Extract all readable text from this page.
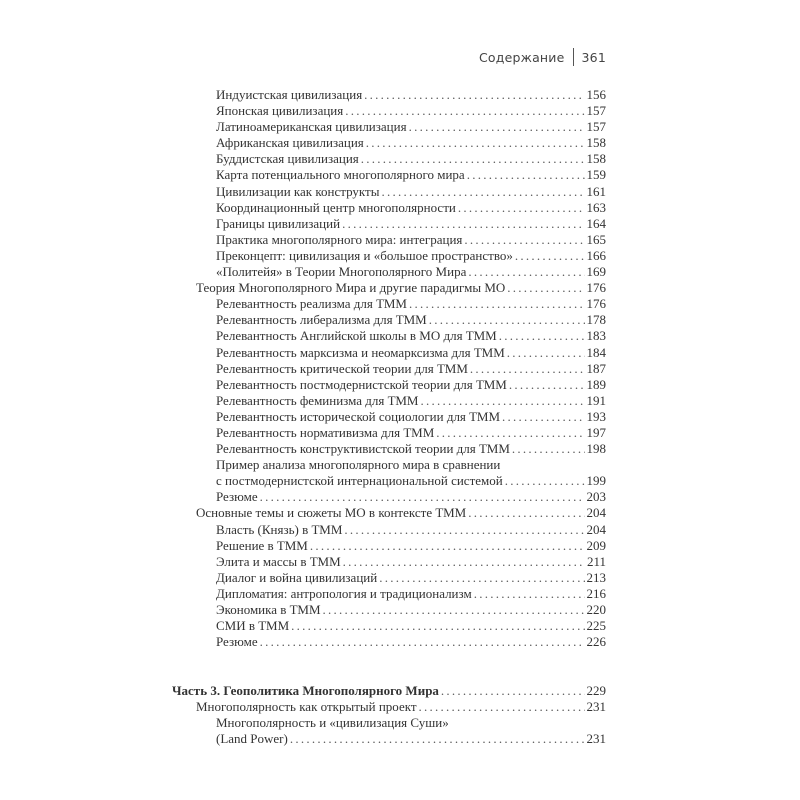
Содержание 361
Индуистская цивилизация . . .	156
Японская цивилизация . . .	157
Латиноамериканская цивилизация . . .	157
Африканская цивилизация . . .	158
Буддистская цивилизация . . .	158
Карта потенциального многополярного мира . . .	159
Цивилизации как конструкты . . .	161
Координационный центр многополярности . . .	163
Границы цивилизаций . . .	164
Практика многополярного мира: интеграция . . .	165
Преконцепт: цивилизация и «большое пространство» . . .	166
«Политейя» в Теории Многополярного Мира . . .	169
Теория Многополярного Мира и другие парадигмы МО . . .	176
Релевантность реализма для ТММ . . .	176
Релевантность либерализма для ТММ . . .	178
Релевантность Английской школы в МО для ТММ . . .	183
Релевантность марксизма и неомарксизма для ТММ . . .	184
Релевантность критической теории для ТММ . . .	187
Релевантность постмодернистской теории для ТММ . . .	189
Релевантность феминизма для ТММ . . .	191
Релевантность исторической социологии для ТММ . . .	193
Релевантность нормативизма для ТММ . . .	197
Релевантность конструктивистской теории для ТММ . . .	198
Пример анализа многополярного мира в сравнении
с постмодернистской интернациональной системой . . .	199
Резюме . . .	203
Основные темы и сюжеты МО в контексте ТММ . . .	204
Власть (Князь) в ТММ . . .	204
Решение в ТММ . . .	209
Элита и массы в ТММ . . .	211
Диалог и война цивилизаций . . .	213
Дипломатия: антропология и традиционализм . . .	216
Экономика в ТММ . . .	220
СМИ в ТММ . . .	225
Резюме . . .	226
Часть 3. Геополитика Многополярного Мира . . .	229
Многополярность как открытый проект . . .	231
Многополярность и «цивилизация Суши»
(Land Power) . . .	231
